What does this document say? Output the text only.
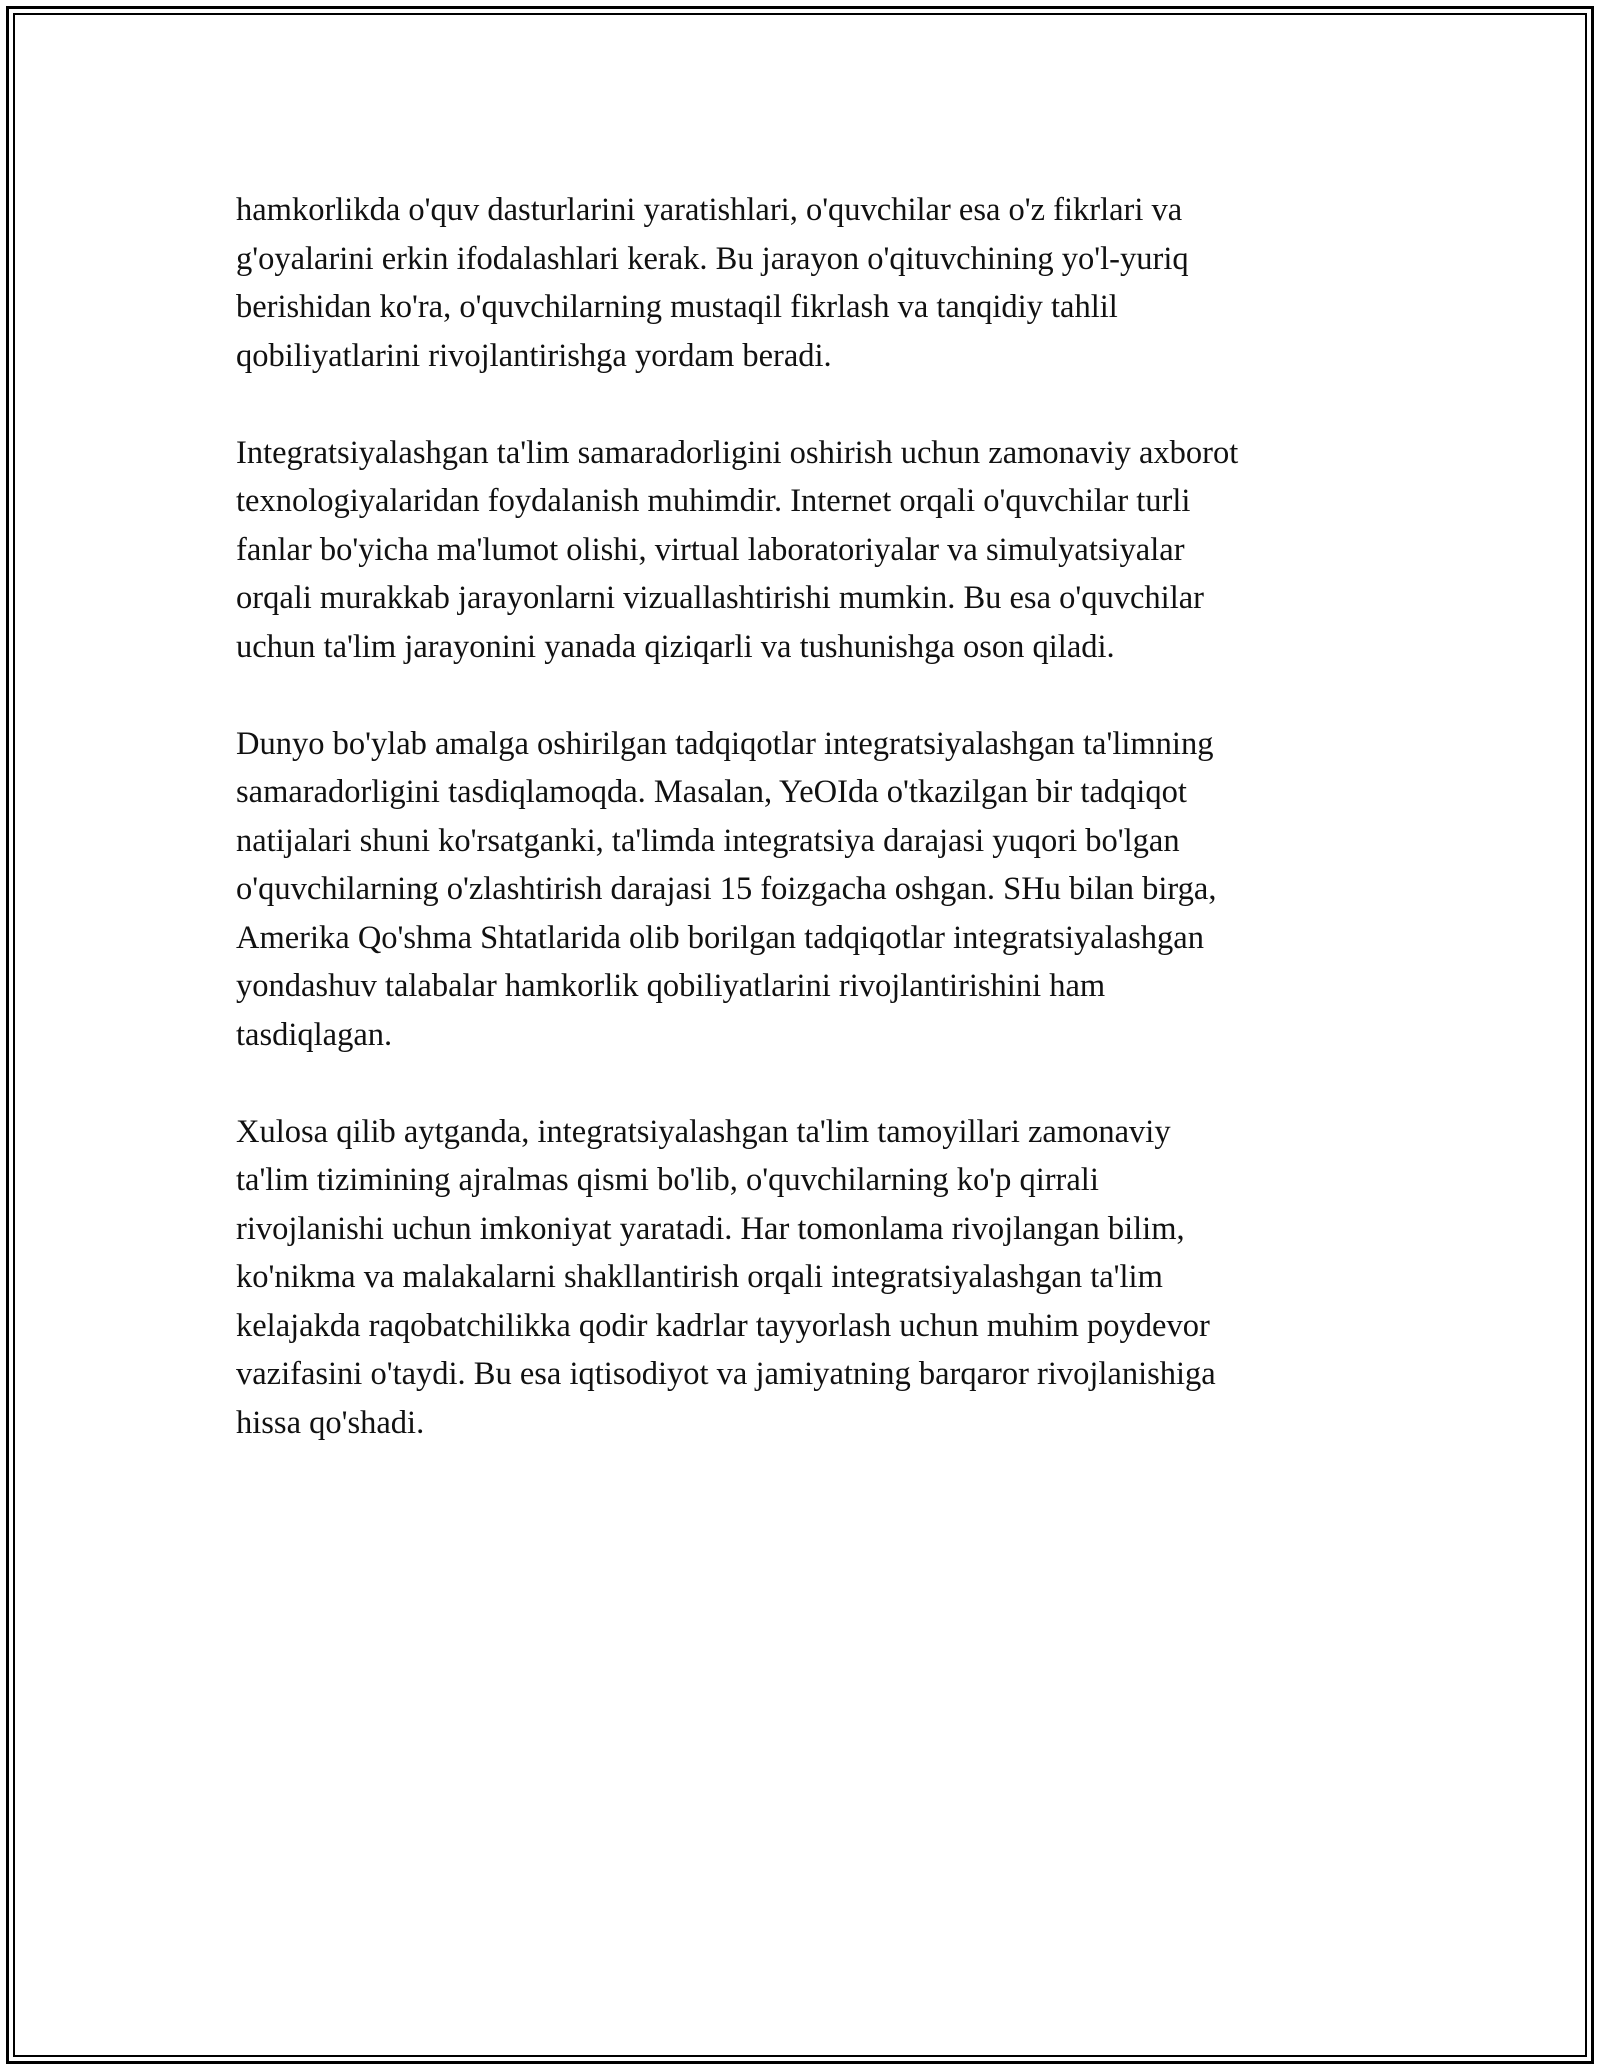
hamkorlikda o'quv dasturlarini yaratishlari, o'quvchilar esa o'z fikrlari va
g'oyalarini erkin ifodalashlari kerak. Bu jarayon o'qituvchining yo'l-yuriq
berishidan ko'ra, o'quvchilarning mustaqil fikrlash va tanqidiy tahlil
qobiliyatlarini rivojlantirishga yordam beradi.

Integratsiyalashgan ta'lim samaradorligini oshirish uchun zamonaviy axborot
texnologiyalaridan foydalanish muhimdir. Internet orqali o'quvchilar turli
fanlar bo'yicha ma'lumot olishi, virtual laboratoriyalar va simulyatsiyalar
orqali murakkab jarayonlarni vizuallashtirishi mumkin. Bu esa o'quvchilar
uchun ta'lim jarayonini yanada qiziqarli va tushunishga oson qiladi.

Dunyo bo'ylab amalga oshirilgan tadqiqotlar integratsiyalashgan ta'limning
samaradorligini tasdiqlamoqda. Masalan, YeOIda o'tkazilgan bir tadqiqot
natijalari shuni ko'rsatganki, ta'limda integratsiya darajasi yuqori bo'lgan
o'quvchilarning o'zlashtirish darajasi 15 foizgacha oshgan. SHu bilan birga,
Amerika Qo'shma Shtatlarida olib borilgan tadqiqotlar integratsiyalashgan
yondashuv talabalar hamkorlik qobiliyatlarini rivojlantirishini ham
tasdiqlagan.

Xulosa qilib aytganda, integratsiyalashgan ta'lim tamoyillari zamonaviy
ta'lim tizimining ajralmas qismi bo'lib, o'quvchilarning ko'p qirrali
rivojlanishi uchun imkoniyat yaratadi. Har tomonlama rivojlangan bilim,
ko'nikma va malakalarni shakllantirish orqali integratsiyalashgan ta'lim
kelajakda raqobatchilikka qodir kadrlar tayyorlash uchun muhim poydevor
vazifasini o'taydi. Bu esa iqtisodiyot va jamiyatning barqaror rivojlanishiga
hissa qo'shadi.
